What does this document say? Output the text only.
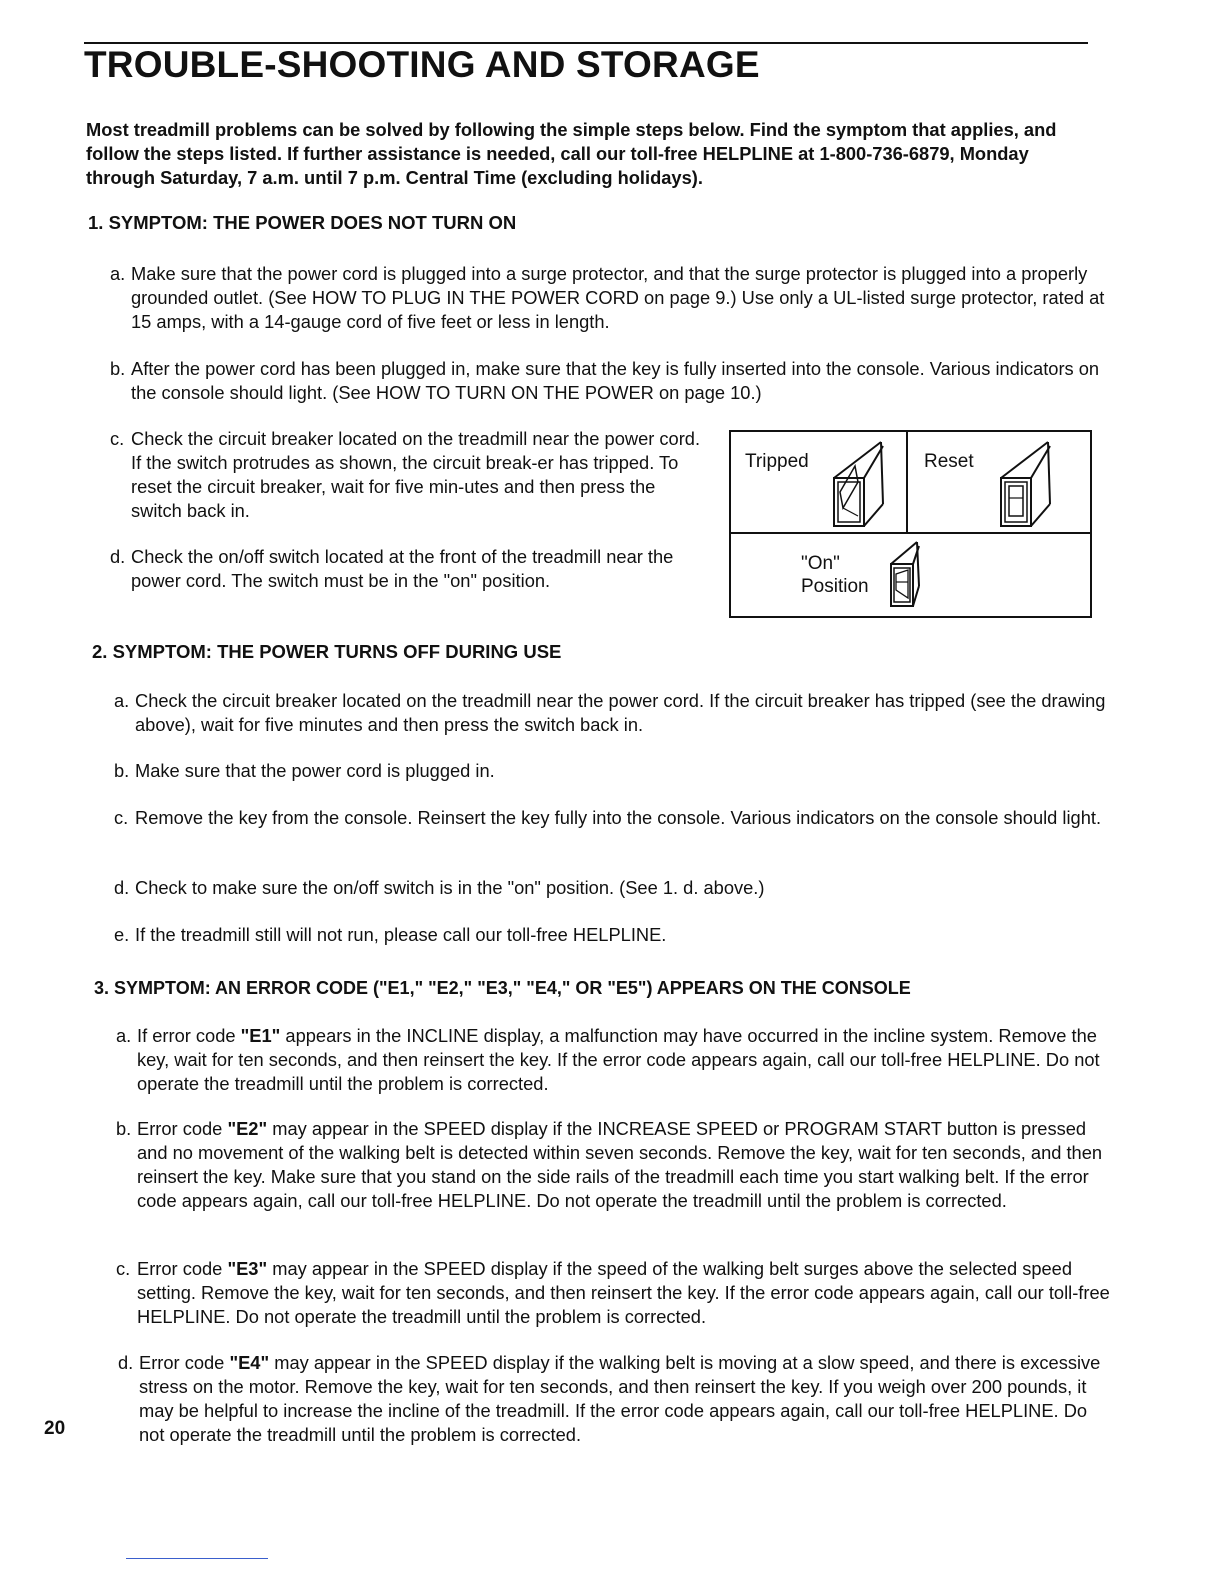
TROUBLE-SHOOTING AND STORAGE

Most treadmill problems can be solved by following the simple steps below. Find the symptom that applies, and follow the steps listed. If further assistance is needed, call our toll-free HELPLINE at 1-800-736-6879, Monday through Saturday, 7 a.m. until 7 p.m. Central Time (excluding holidays).

1. SYMPTOM: THE POWER DOES NOT TURN ON

a. Make sure that the power cord is plugged into a surge protector, and that the surge protector is plugged into a properly grounded outlet. (See HOW TO PLUG IN THE POWER CORD on page 9.) Use only a UL-listed surge protector, rated at 15 amps, with a 14-gauge cord of five feet or less in length.

b. After the power cord has been plugged in, make sure that the key is fully inserted into the console. Various indicators on the console should light. (See HOW TO TURN ON THE POWER on page 10.)

c. Check the circuit breaker located on the treadmill near the power cord. If the switch protrudes as shown, the circuit break-er has tripped. To reset the circuit breaker, wait for five min-utes and then press the switch back in.

d. Check the on/off switch located at the front of the treadmill near the power cord. The switch must be in the "on" position.

Tripped	Reset
"On"
Position
2. SYMPTOM: THE POWER TURNS OFF DURING USE

a. Check the circuit breaker located on the treadmill near the power cord. If the circuit breaker has tripped (see the drawing above), wait for five minutes and then press the switch back in.

b. Make sure that the power cord is plugged in.

c. Remove the key from the console. Reinsert the key fully into the console. Various indicators on the console should light.

d. Check to make sure the on/off switch is in the "on" position. (See 1. d. above.)

e. If the treadmill still will not run, please call our toll-free HELPLINE.

3. SYMPTOM: AN ERROR CODE ("E1," "E2," "E3," "E4," OR "E5") APPEARS ON THE CONSOLE

a. If error code "E1" appears in the INCLINE display, a malfunction may have occurred in the incline system. Remove the key, wait for ten seconds, and then reinsert the key. If the error code appears again, call our toll-free HELPLINE. Do not operate the treadmill until the problem is corrected.

b. Error code "E2" may appear in the SPEED display if the INCREASE SPEED or PROGRAM START button is pressed and no movement of the walking belt is detected within seven seconds. Remove the key, wait for ten seconds, and then reinsert the key. Make sure that you stand on the side rails of the treadmill each time you start walking belt. If the error code appears again, call our toll-free HELPLINE. Do not operate the treadmill until the problem is corrected.

c. Error code "E3" may appear in the SPEED display if the speed of the walking belt surges above the selected speed setting. Remove the key, wait for ten seconds, and then reinsert the key. If the error code appears again, call our toll-free HELPLINE. Do not operate the treadmill until the problem is corrected.

d. Error code "E4" may appear in the SPEED display if the walking belt is moving at a slow speed, and there is excessive stress on the motor. Remove the key, wait for ten seconds, and then reinsert the key. If you weigh over 200 pounds, it may be helpful to increase the incline of the treadmill. If the error code appears again, call our toll-free HELPLINE. Do not operate the treadmill until the problem is corrected.

20
